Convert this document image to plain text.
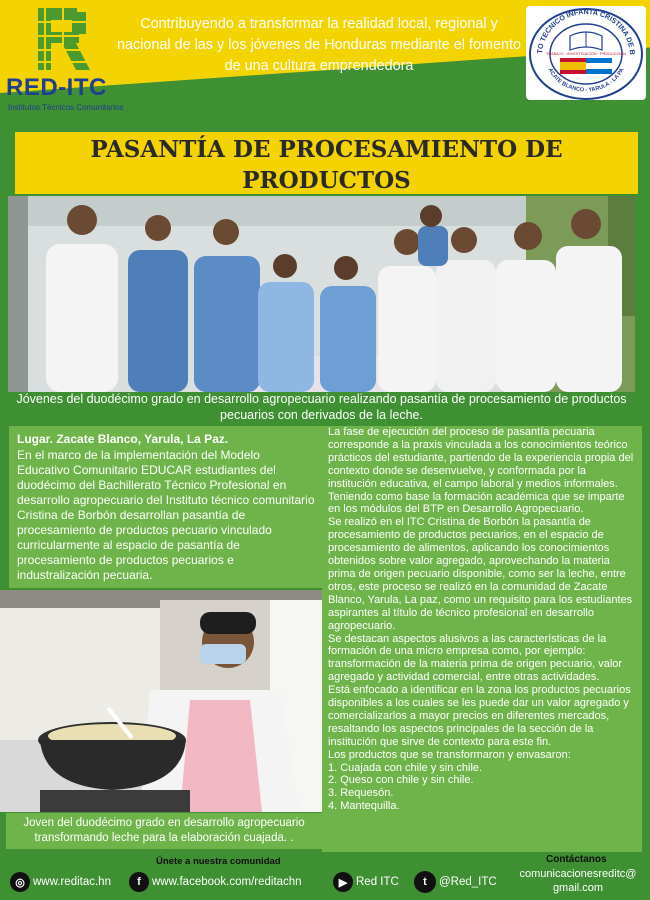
RED-ITC
Institutos Técnicos Comunitarios
Contribuyendo a transformar la realidad local, regional y nacional de las y los jóvenes de Honduras mediante el fomento de una cultura emprendedora
TO TECNICO INFANTA CRISTINA DE B
ACATE BLANCO - YARULA - LA PA
TRABAJO · INVESTIGACION · PRODUCCION
PASANTÍA DE PROCESAMIENTO DE PRODUCTOS
Jóvenes del duodécimo grado en desarrollo agropecuario realizando pasantía de procesamiento de productos pecuarios con derivados de la leche.
Lugar. Zacate Blanco, Yarula, La Paz.
En el marco de la implementación del Modelo Educativo Comunitario EDUCAR estudiantes del duodécimo del Bachillerato Técnico Profesional en desarrollo agropecuario del Instituto técnico comunitario Cristina de Borbón desarrollan pasantía de procesamiento de productos pecuario vinculado curricularmente al espacio de pasantía de procesamiento de productos pecuarios e industralización pecuaria.
Joven del duodécimo grado en desarrollo agropecuario transformando leche para la elaboración cuajada. .

La fase de ejecución del proceso de pasantía pecuaria corresponde a la praxis vinculada a los conocimientos teórico prácticos del estudiante, partiendo de la experiencia propia del contexto donde se desenvuelve, y conformada por la institución educativa, el campo laboral y medios informales.

Teniendo como base la formación académica que se imparte en los módulos del BTP en Desarrollo Agropecuario.

Se realizó en el ITC Cristina de Borbón la pasantía de procesamiento de productos pecuarios, en el espacio de procesamiento de alimentos, aplicando los conocimientos obtenidos sobre valor agregado, aprovechando la materia prima de origen pecuario disponible, como ser la leche, entre otros, este proceso se realizó en la comunidad de Zacate Blanco, Yarula, La paz, como un requisito para los estudiantes aspirantes al título de técnico profesional en desarrollo agropecuario.

Se destacan aspectos alusivos a las características de la formación de una micro empresa como, por ejemplo: transformación de la materia prima de origen pecuario, valor agregado y actividad comercial, entre otras actividades.

Está enfocado a identificar en la zona los productos pecuarios disponibles a los cuales se les puede dar un valor agregado y comercializarlos a mayor precios en diferentes mercados, resaltando los aspectos principales de la sección de la institución que sirve de contexto para este fin.

Los productos que se transformaron y envasaron:

1. Cuajada con chile y sin chile.

2. Queso con chile y sin chile.

3. Requesón.

4. Mantequilla.

Únete a nuestra comunidad	Contáctanos
comunicacionesreditc@ gmail.com
◎ www.reditac.hn	f www.facebook.com/reditachn	▶ Red ITC	t	@Red_ITC
